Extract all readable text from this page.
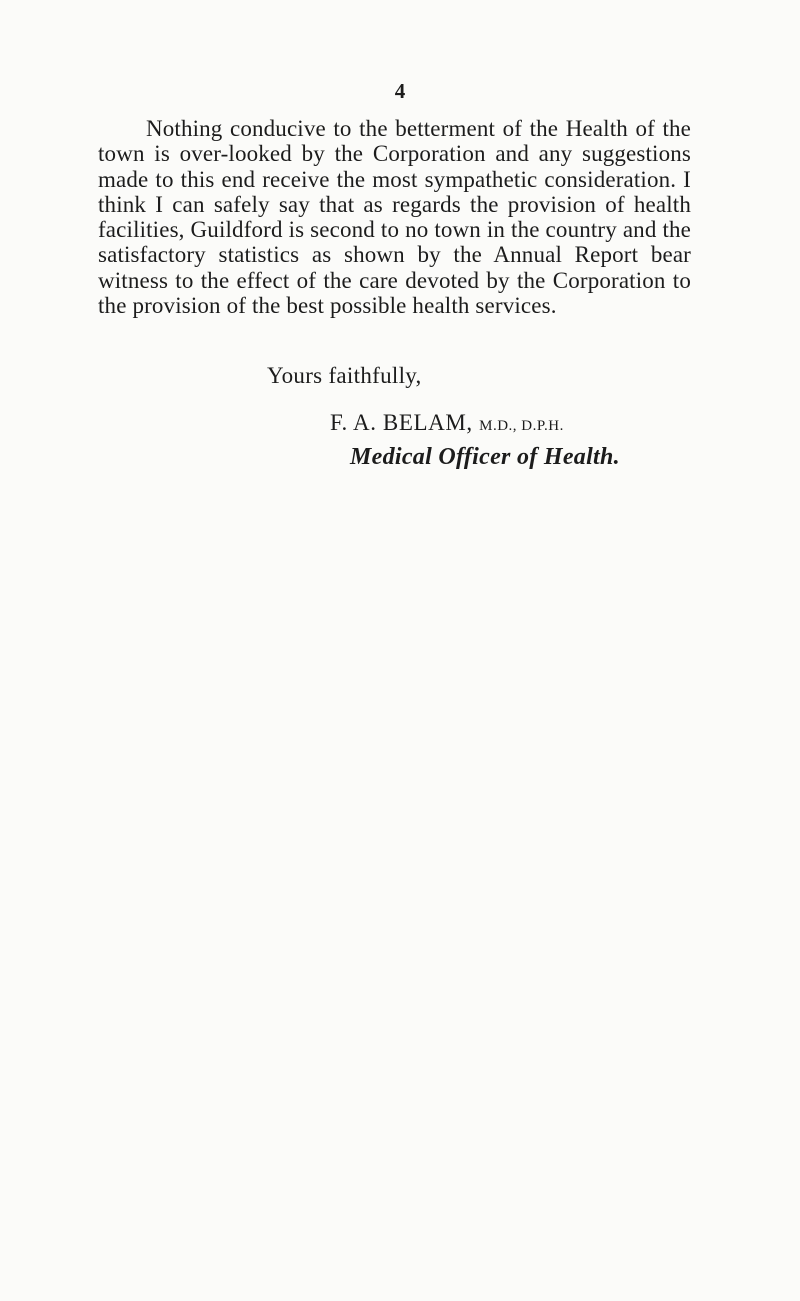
4

Nothing conducive to the betterment of the Health of the town is over-looked by the Corporation and any suggestions made to this end receive the most sympathetic consideration. I think I can safely say that as regards the provision of health facilities, Guildford is second to no town in the country and the satisfactory statistics as shown by the Annual Report bear witness to the effect of the care devoted by the Corporation to the provision of the best possible health services.

Yours faithfully,
F. A. BELAM, M.D., D.P.H.
Medical Officer of Health.
